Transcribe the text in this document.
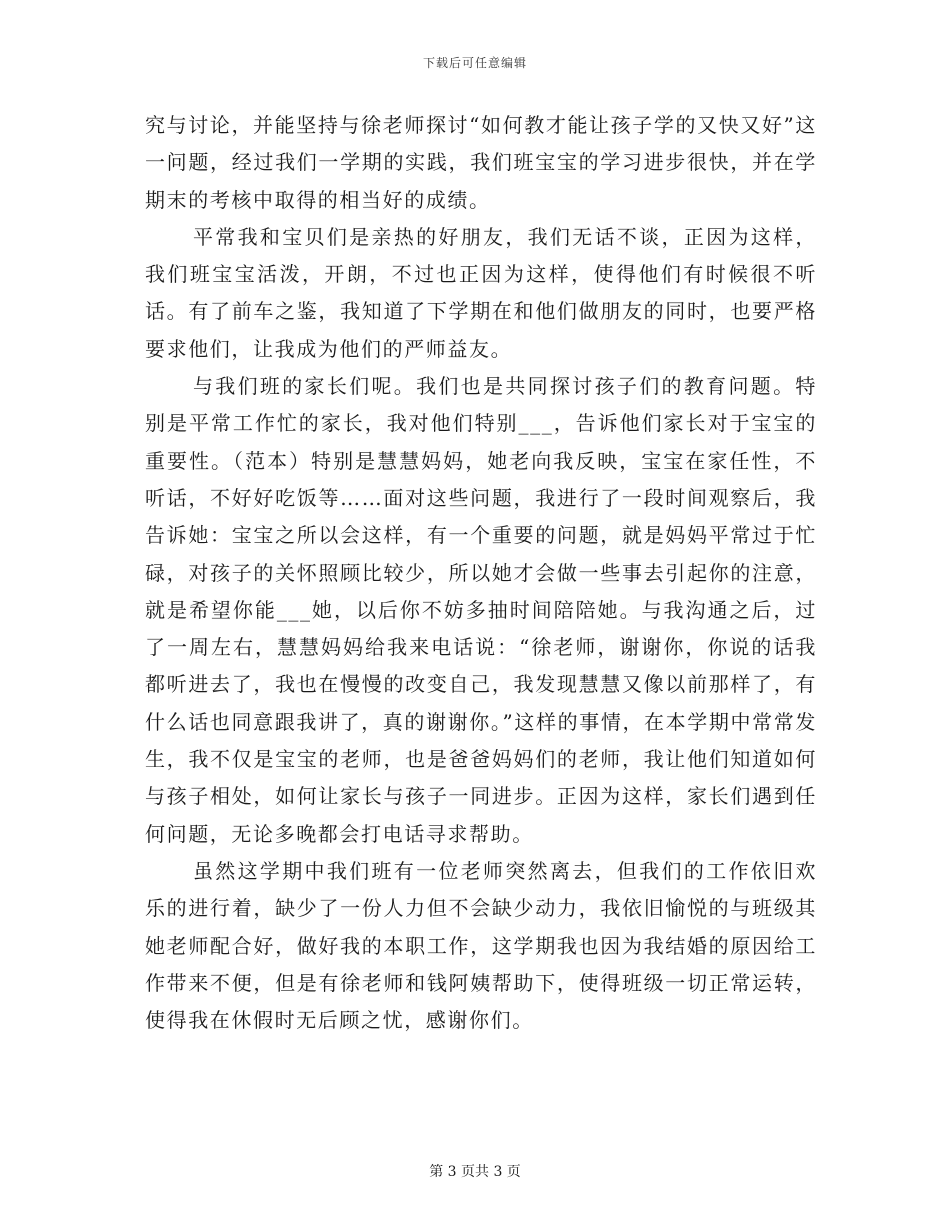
下载后可任意编辑

究与讨论，并能坚持与徐老师探讨“如何教才能让孩子学的又快又好”这一问题，经过我们一学期的实践，我们班宝宝的学习进步很快，并在学期末的考核中取得的相当好的成绩。

平常我和宝贝们是亲热的好朋友，我们无话不谈，正因为这样，我们班宝宝活泼，开朗，不过也正因为这样，使得他们有时候很不听话。有了前车之鉴，我知道了下学期在和他们做朋友的同时，也要严格要求他们，让我成为他们的严师益友。

与我们班的家长们呢。我们也是共同探讨孩子们的教育问题。特别是平常工作忙的家长，我对他们特别___，告诉他们家长对于宝宝的重要性。（范本）特别是慧慧妈妈，她老向我反映，宝宝在家任性，不听话，不好好吃饭等……面对这些问题，我进行了一段时间观察后，我告诉她：宝宝之所以会这样，有一个重要的问题，就是妈妈平常过于忙碌，对孩子的关怀照顾比较少，所以她才会做一些事去引起你的注意，就是希望你能___她，以后你不妨多抽时间陪陪她。与我沟通之后，过了一周左右，慧慧妈妈给我来电话说：“徐老师，谢谢你，你说的话我都听进去了，我也在慢慢的改变自己，我发现慧慧又像以前那样了，有什么话也同意跟我讲了，真的谢谢你。”这样的事情，在本学期中常常发生，我不仅是宝宝的老师，也是爸爸妈妈们的老师，我让他们知道如何与孩子相处，如何让家长与孩子一同进步。正因为这样，家长们遇到任何问题，无论多晚都会打电话寻求帮助。

虽然这学期中我们班有一位老师突然离去，但我们的工作依旧欢乐的进行着，缺少了一份人力但不会缺少动力，我依旧愉悦的与班级其她老师配合好，做好我的本职工作，这学期我也因为我结婚的原因给工作带来不便，但是有徐老师和钱阿姨帮助下，使得班级一切正常运转，使得我在休假时无后顾之忧，感谢你们。

第 3 页共 3 页
